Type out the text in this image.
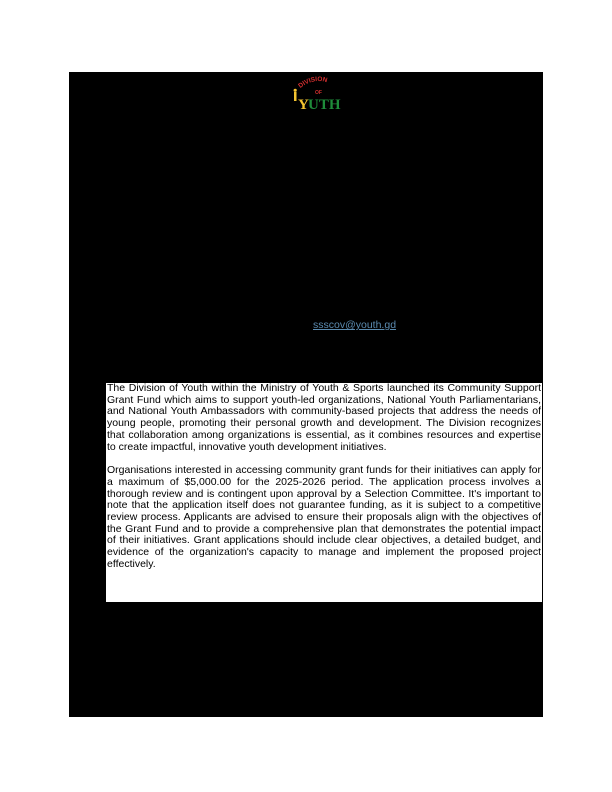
DIVISION
OF
Y UTH
ssscov@youth.gd

The Division of Youth within the Ministry of Youth & Sports launched its Community Support Grant Fund which aims to support youth-led organizations, National Youth Parliamentarians, and National Youth Ambassadors with community-based projects that address the needs of young people, promoting their personal growth and development. The Division recognizes that collaboration among organizations is essential, as it combines resources and expertise to create impactful, innovative youth development initiatives.

Organisations interested in accessing community grant funds for their initiatives can apply for a maximum of $5,000.00 for the 2025-2026 period. The application process involves a thorough review and is contingent upon approval by a Selection Committee. It's important to note that the application itself does not guarantee funding, as it is subject to a competitive review process. Applicants are advised to ensure their proposals align with the objectives of the Grant Fund and to provide a comprehensive plan that demonstrates the potential impact of their initiatives. Grant applications should include clear objectives, a detailed budget, and evidence of the organization's capacity to manage and implement the proposed project effectively.
